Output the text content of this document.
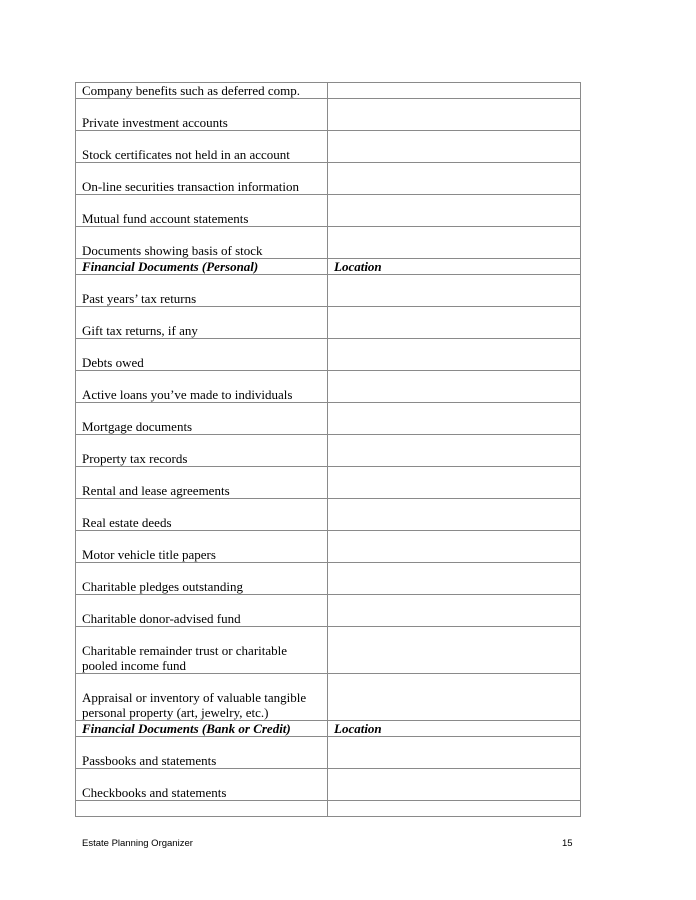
Company benefits such as deferred comp.	
Private investment accounts	
Stock certificates not held in an account	
On-line securities transaction information	
Mutual fund account statements	
Documents showing basis of stock	
Financial Documents (Personal)	Location
Past years’ tax returns	
Gift tax returns, if any	
Debts owed	
Active loans you’ve made to individuals	
Mortgage documents	
Property tax records	
Rental and lease agreements	
Real estate deeds	
Motor vehicle title papers	
Charitable pledges outstanding	
Charitable donor-advised fund	
Charitable remainder trust or charitable pooled income fund	
Appraisal or inventory of valuable tangible personal property (art, jewelry, etc.)	
Financial Documents (Bank or Credit)	Location
Passbooks and statements	
Checkbooks and statements	

Estate Planning Organizer	15
